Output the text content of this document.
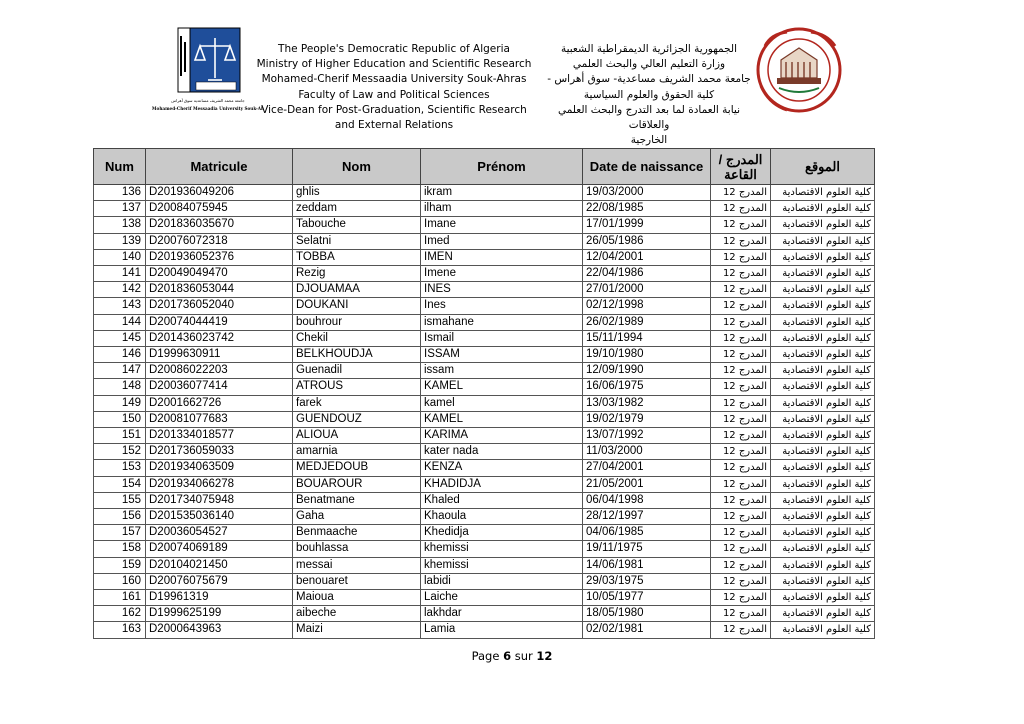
جامعة محمد الشريف مساعدية سوق أهراس
Mohamed-Cherif Messaadia University Souk-Ah
The People's Democratic Republic of Algeria
Ministry of Higher Education and Scientific Research
Mohamed-Cherif Messaadia University Souk-Ahras
Faculty of Law and Political Sciences
Vice-Dean for Post-Graduation, Scientific Research
and External Relations
الجمهورية الجزائرية الديمقراطية الشعبية
وزارة التعليم العالي والبحث العلمي
جامعة محمد الشريف مساعدية- سوق أهراس -
كلية الحقوق والعلوم السياسية
نيابة العمادة لما بعد التدرج والبحث العلمي والعلاقات
الخارجية
Num	Matricule	Nom	Prénom	Date de naissance	المدرج / القاعة	الموقع
136	D201936049206	ghlis	ikram	19/03/2000	المدرج 12	كلية العلوم الاقتصادية
137	D20084075945	zeddam	ilham	22/08/1985	المدرج 12	كلية العلوم الاقتصادية
138	D201836035670	Tabouche	Imane	17/01/1999	المدرج 12	كلية العلوم الاقتصادية
139	D20076072318	Selatni	Imed	26/05/1986	المدرج 12	كلية العلوم الاقتصادية
140	D201936052376	TOBBA	IMEN	12/04/2001	المدرج 12	كلية العلوم الاقتصادية
141	D20049049470	Rezig	Imene	22/04/1986	المدرج 12	كلية العلوم الاقتصادية
142	D201836053044	DJOUAMAA	INES	27/01/2000	المدرج 12	كلية العلوم الاقتصادية
143	D201736052040	DOUKANI	Ines	02/12/1998	المدرج 12	كلية العلوم الاقتصادية
144	D20074044419	bouhrour	ismahane	26/02/1989	المدرج 12	كلية العلوم الاقتصادية
145	D201436023742	Chekil	Ismail	15/11/1994	المدرج 12	كلية العلوم الاقتصادية
146	D1999630911	BELKHOUDJA	ISSAM	19/10/1980	المدرج 12	كلية العلوم الاقتصادية
147	D20086022203	Guenadil	issam	12/09/1990	المدرج 12	كلية العلوم الاقتصادية
148	D20036077414	ATROUS	KAMEL	16/06/1975	المدرج 12	كلية العلوم الاقتصادية
149	D2001662726	farek	kamel	13/03/1982	المدرج 12	كلية العلوم الاقتصادية
150	D20081077683	GUENDOUZ	KAMEL	19/02/1979	المدرج 12	كلية العلوم الاقتصادية
151	D201334018577	ALIOUA	KARIMA	13/07/1992	المدرج 12	كلية العلوم الاقتصادية
152	D201736059033	amarnia	kater nada	11/03/2000	المدرج 12	كلية العلوم الاقتصادية
153	D201934063509	MEDJEDOUB	KENZA	27/04/2001	المدرج 12	كلية العلوم الاقتصادية
154	D201934066278	BOUAROUR	KHADIDJA	21/05/2001	المدرج 12	كلية العلوم الاقتصادية
155	D201734075948	Benatmane	Khaled	06/04/1998	المدرج 12	كلية العلوم الاقتصادية
156	D201535036140	Gaha	Khaoula	28/12/1997	المدرج 12	كلية العلوم الاقتصادية
157	D20036054527	Benmaache	Khedidja	04/06/1985	المدرج 12	كلية العلوم الاقتصادية
158	D20074069189	bouhlassa	khemissi	19/11/1975	المدرج 12	كلية العلوم الاقتصادية
159	D20104021450	messai	khemissi	14/06/1981	المدرج 12	كلية العلوم الاقتصادية
160	D20076075679	benouaret	labidi	29/03/1975	المدرج 12	كلية العلوم الاقتصادية
161	D19961319	Maioua	Laiche	10/05/1977	المدرج 12	كلية العلوم الاقتصادية
162	D1999625199	aibeche	lakhdar	18/05/1980	المدرج 12	كلية العلوم الاقتصادية
163	D2000643963	Maizi	Lamia	02/02/1981	المدرج 12	كلية العلوم الاقتصادية
Page 6 sur 12
